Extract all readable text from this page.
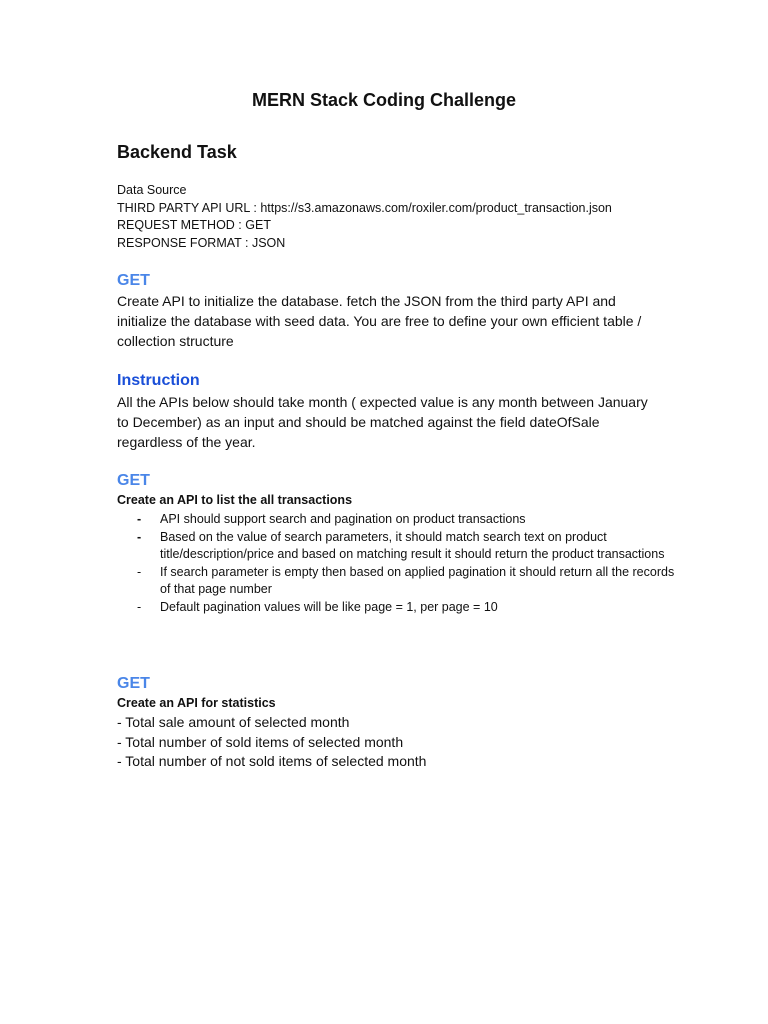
MERN Stack Coding Challenge
Backend Task
Data Source
THIRD PARTY API URL : https://s3.amazonaws.com/roxiler.com/product_transaction.json
REQUEST METHOD : GET
RESPONSE FORMAT : JSON
GET
Create API to initialize the database. fetch the JSON from the third party API and initialize the database with seed data. You are free to define your own efficient table / collection structure
Instruction
All the APIs below should take month ( expected value is any month between January to December) as an input and should be matched against the field dateOfSale regardless of the year.
GET
Create an API to list the all transactions
- API should support search and pagination on product transactions
- Based on the value of search parameters, it should match search text on product title/description/price and based on matching result it should return the product transactions
- If search parameter is empty then based on applied pagination it should return all the records of that page number
- Default pagination values will be like page = 1, per page = 10
GET
Create an API for statistics
- Total sale amount of selected month
- Total number of sold items of selected month
- Total number of not sold items of selected month
